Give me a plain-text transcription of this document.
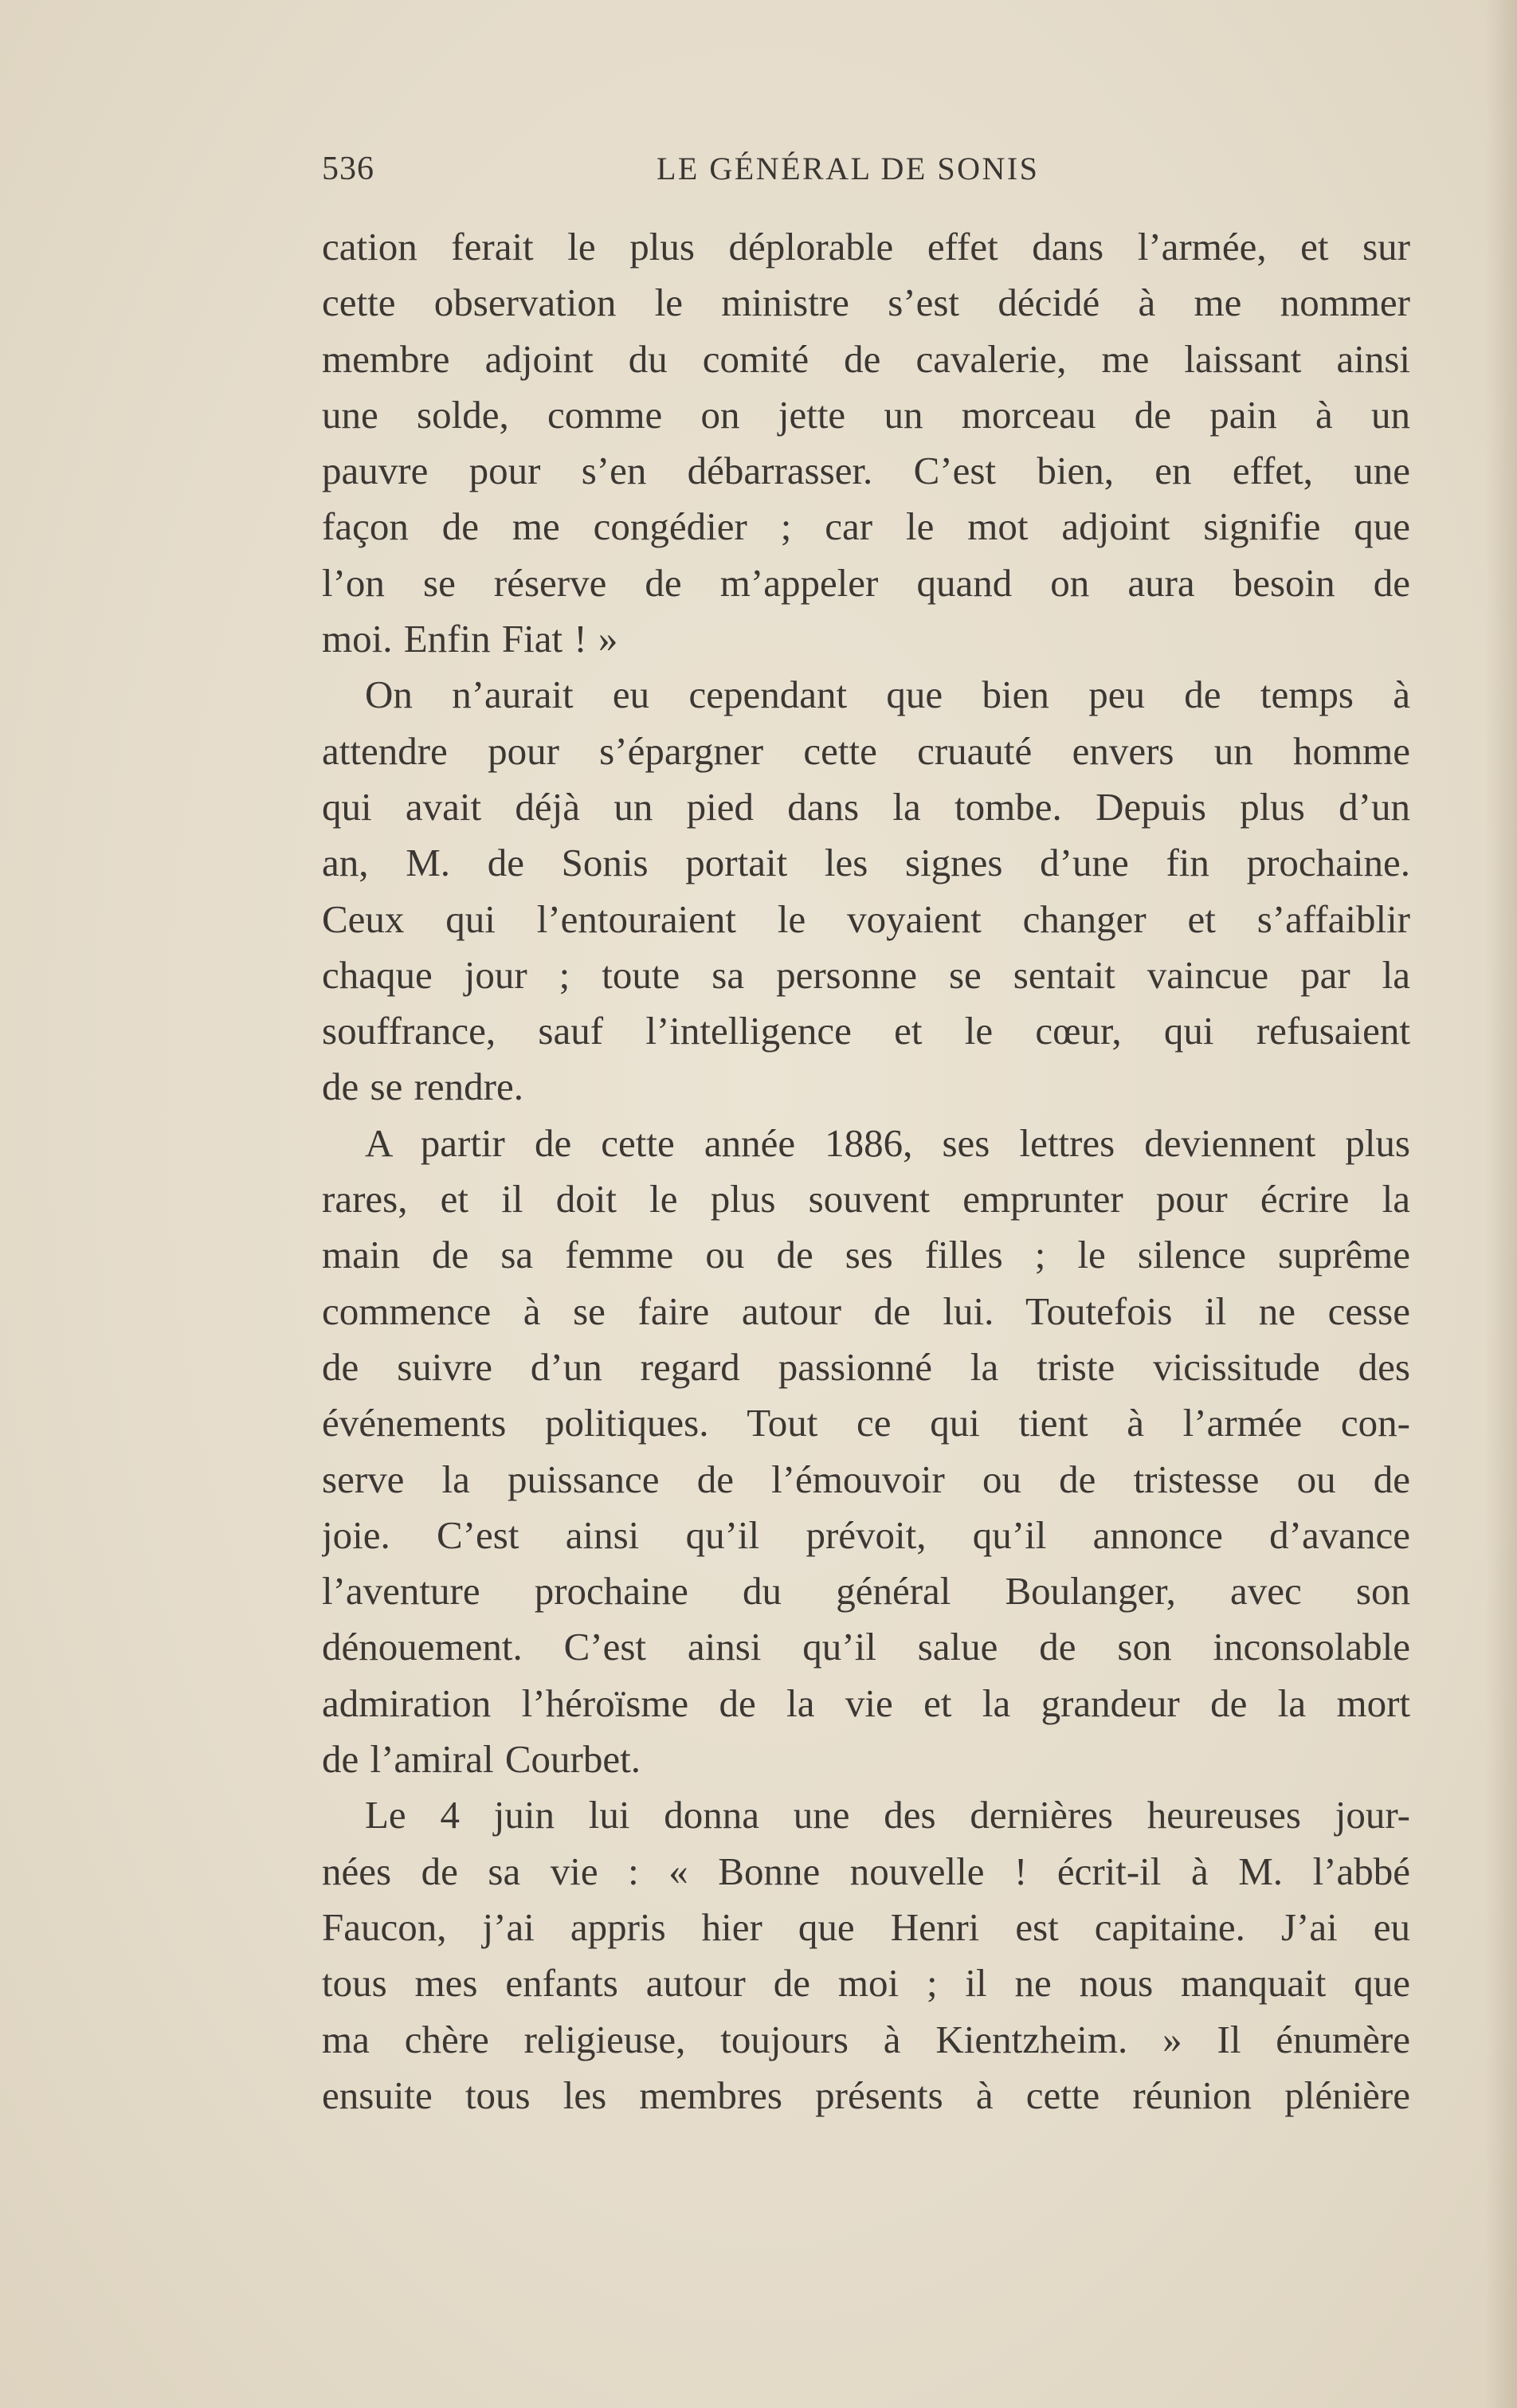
536	LE GÉNÉRAL DE SONIS
cation ferait le plus déplorable effet dans l’armée, et sur
cette observation le ministre s’est décidé à me nommer
membre adjoint du comité de cavalerie, me laissant ainsi
une solde, comme on jette un morceau de pain à un
pauvre pour s’en débarrasser. C’est bien, en effet, une
façon de me congédier ; car le mot adjoint signifie que
l’on se réserve de m’appeler quand on aura besoin de
moi. Enfin Fiat ! »
On n’aurait eu cependant que bien peu de temps à
attendre pour s’épargner cette cruauté envers un homme
qui avait déjà un pied dans la tombe. Depuis plus d’un
an, M. de Sonis portait les signes d’une fin prochaine.
Ceux qui l’entouraient le voyaient changer et s’affaiblir
chaque jour ; toute sa personne se sentait vaincue par la
souffrance, sauf l’intelligence et le cœur, qui refusaient
de se rendre.
A partir de cette année 1886, ses lettres deviennent plus
rares, et il doit le plus souvent emprunter pour écrire la
main de sa femme ou de ses filles ; le silence suprême
commence à se faire autour de lui. Toutefois il ne cesse
de suivre d’un regard passionné la triste vicissitude des
événements politiques. Tout ce qui tient à l’armée con-
serve la puissance de l’émouvoir ou de tristesse ou de
joie. C’est ainsi qu’il prévoit, qu’il annonce d’avance
l’aventure prochaine du général Boulanger, avec son
dénouement. C’est ainsi qu’il salue de son inconsolable
admiration l’héroïsme de la vie et la grandeur de la mort
de l’amiral Courbet.
Le 4 juin lui donna une des dernières heureuses jour-
nées de sa vie : « Bonne nouvelle ! écrit-il à M. l’abbé
Faucon, j’ai appris hier que Henri est capitaine. J’ai eu
tous mes enfants autour de moi ; il ne nous manquait que
ma chère religieuse, toujours à Kientzheim. » Il énumère
ensuite tous les membres présents à cette réunion plénière
